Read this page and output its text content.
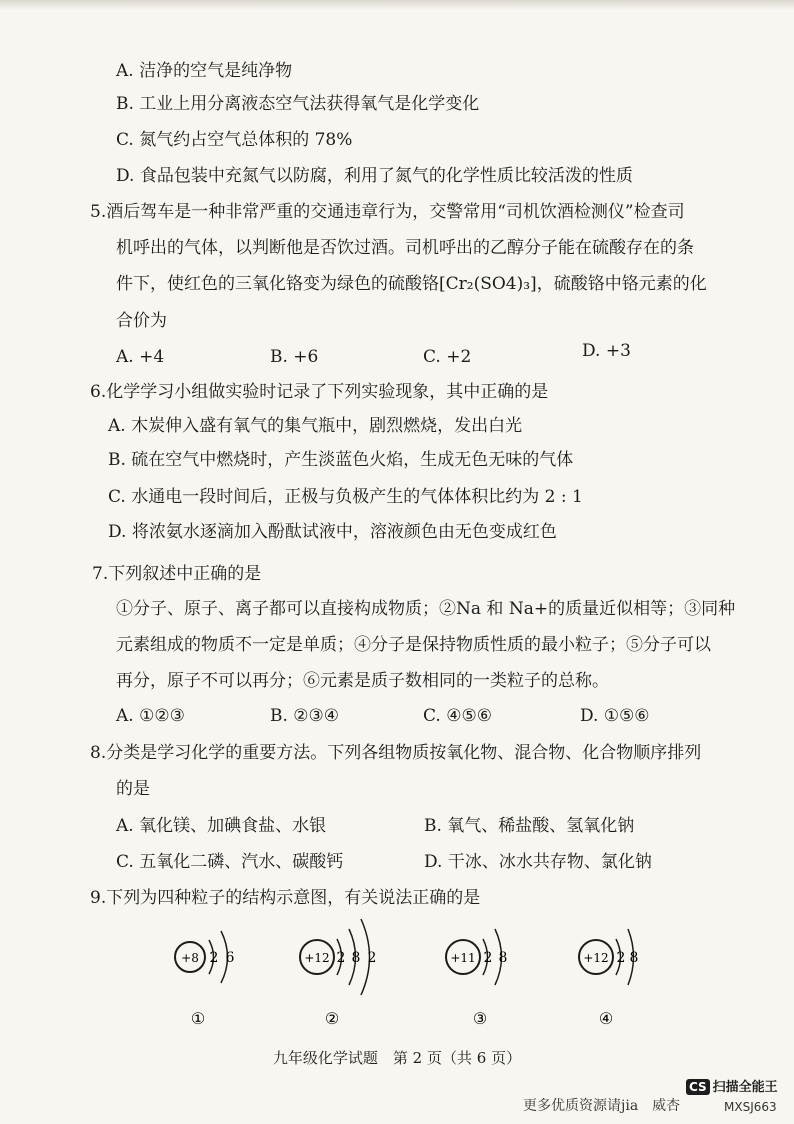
A. 洁净的空气是纯净物
B. 工业上用分离液态空气法获得氧气是化学变化
C. 氮气约占空气总体积的 78%
D. 食品包装中充氮气以防腐，利用了氮气的化学性质比较活泼的性质
5.酒后驾车是一种非常严重的交通违章行为，交警常用“司机饮酒检测仪”检查司
机呼出的气体，以判断他是否饮过酒。司机呼出的乙醇分子能在硫酸存在的条
件下，使红色的三氧化铬变为绿色的硫酸铬[Cr₂(SO4)₃]，硫酸铬中铬元素的化
合价为
A. +4	B. +6	C. +2	D. +3
6.化学学习小组做实验时记录了下列实验现象，其中正确的是
A. 木炭伸入盛有氧气的集气瓶中，剧烈燃烧，发出白光
B. 硫在空气中燃烧时，产生淡蓝色火焰，生成无色无味的气体
C. 水通电一段时间后，正极与负极产生的气体体积比约为 2 : 1
D. 将浓氨水逐滴加入酚酞试液中，溶液颜色由无色变成红色
7.下列叙述中正确的是
①分子、原子、离子都可以直接构成物质；②Na 和 Na+的质量近似相等；③同种
元素组成的物质不一定是单质；④分子是保持物质性质的最小粒子；⑤分子可以
再分，原子不可以再分；⑥元素是质子数相同的一类粒子的总称。
A. ①②③	B. ②③④	C. ④⑤⑥	D. ①⑤⑥
8.分类是学习化学的重要方法。下列各组物质按氧化物、混合物、化合物顺序排列
的是
A. 氧化镁、加碘食盐、水银	B. 氧气、稀盐酸、氢氧化钠
C. 五氧化二磷、汽水、碳酸钙	D. 干冰、冰水共存物、氯化钠
9.下列为四种粒子的结构示意图，有关说法正确的是
+8 2 6
①
+12 2 8 2
②
+11 2 8
③
+12 2 8
④
九年级化学试题　第 2 页（共 6 页）
CS 扫描全能王
MXSJ663
更多优质资源请jia　威杏
